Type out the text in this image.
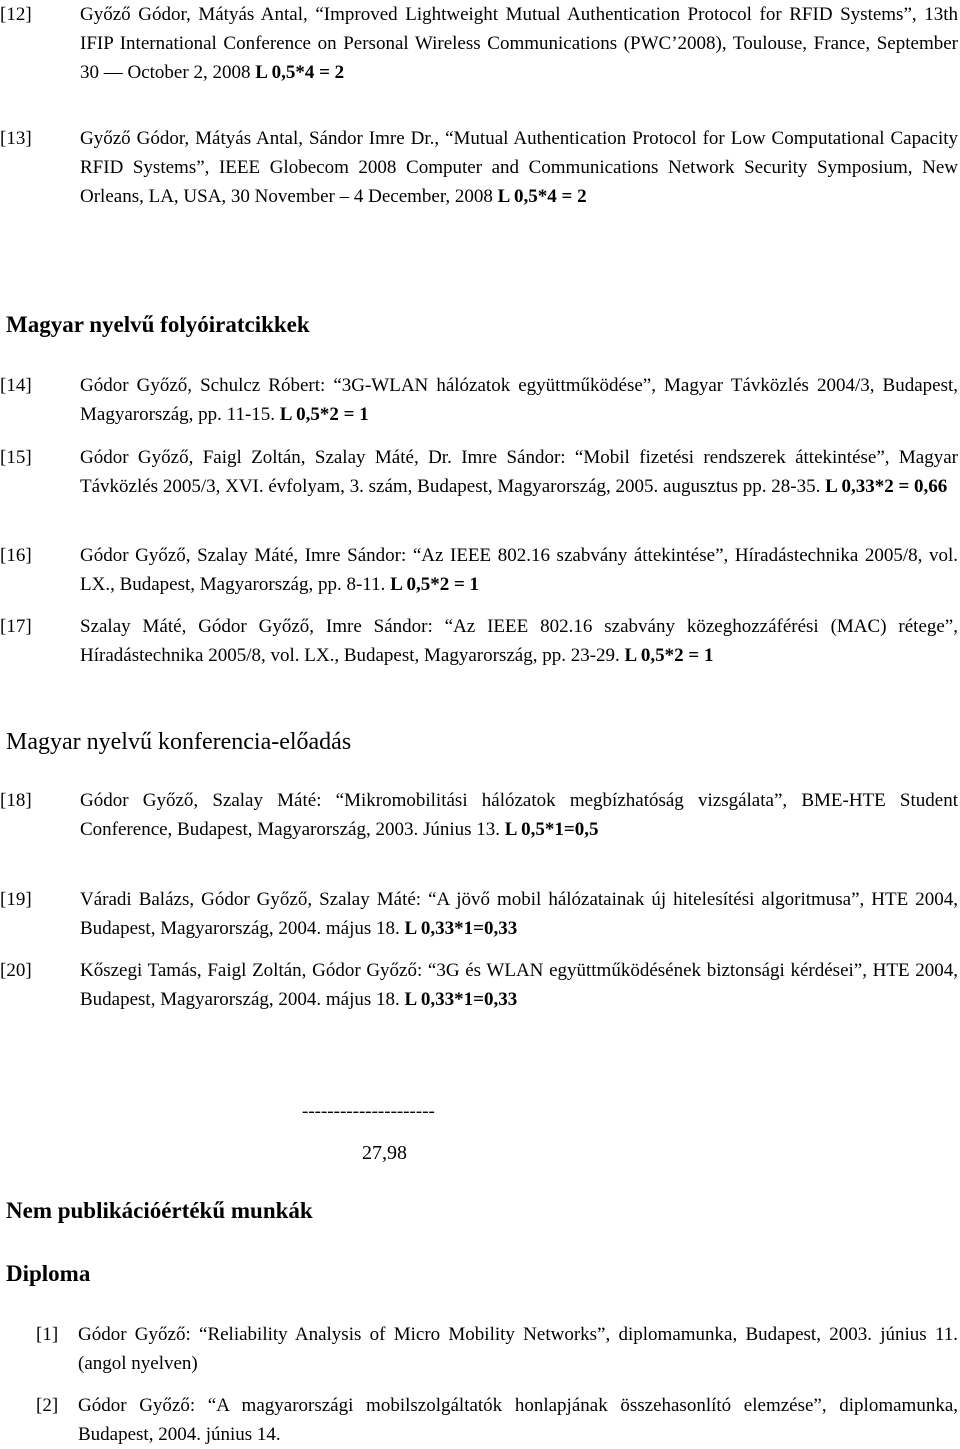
[12]	Győző Gódor, Mátyás Antal, “Improved Lightweight Mutual Authentication Protocol for RFID Systems”, 13th IFIP International Conference on Personal Wireless Communications (PWC’2008), Toulouse, France, September 30 — October 2, 2008 L 0,5*4 = 2
[13]	Győző Gódor, Mátyás Antal, Sándor Imre Dr., “Mutual Authentication Protocol for Low Computational Capacity RFID Systems”, IEEE Globecom 2008 Computer and Communications Network Security Symposium, New Orleans, LA, USA, 30 November – 4 December, 2008 L 0,5*4 = 2
Magyar nyelvű folyóiratcikkek
[14]	Gódor Győző, Schulcz Róbert: “3G-WLAN hálózatok együttműködése”, Magyar Távközlés 2004/3, Budapest, Magyarország, pp. 11-15. L 0,5*2 = 1
[15]	Gódor Győző, Faigl Zoltán, Szalay Máté, Dr. Imre Sándor: “Mobil fizetési rendszerek áttekintése”, Magyar Távközlés 2005/3, XVI. évfolyam, 3. szám, Budapest, Magyarország, 2005. augusztus pp. 28-35. L 0,33*2 = 0,66
[16]	Gódor Győző, Szalay Máté, Imre Sándor: “Az IEEE 802.16 szabvány áttekintése”, Híradástechnika 2005/8, vol. LX., Budapest, Magyarország, pp. 8-11. L 0,5*2 = 1
[17]	Szalay Máté, Gódor Győző, Imre Sándor: “Az IEEE 802.16 szabvány közeghozzáférési (MAC) rétege”, Híradástechnika 2005/8, vol. LX., Budapest, Magyarország, pp. 23-29. L 0,5*2 = 1
Magyar nyelvű konferencia-előadás
[18]	Gódor Győző, Szalay Máté: “Mikromobilitási hálózatok megbízhatóság vizsgálata”, BME-HTE Student Conference, Budapest, Magyarország, 2003. Június 13. L 0,5*1=0,5
[19]	Váradi Balázs, Gódor Győző, Szalay Máté: “A jövő mobil hálózatainak új hitelesítési algoritmusa”, HTE 2004, Budapest, Magyarország, 2004. május 18. L 0,33*1=0,33
[20]	Kőszegi Tamás, Faigl Zoltán, Gódor Győző: “3G és WLAN együttműködésének biztonsági kérdései”, HTE 2004, Budapest, Magyarország, 2004. május 18. L 0,33*1=0,33
---------------------
27,98
Nem publikációértékű munkák
Diploma
[1]	Gódor Győző: “Reliability Analysis of Micro Mobility Networks”, diplomamunka, Budapest, 2003. június 11. (angol nyelven)
[2]	Gódor Győző: “A magyarországi mobilszolgáltatók honlapjának összehasonlító elemzése”, diplomamunka, Budapest, 2004. június 14.
